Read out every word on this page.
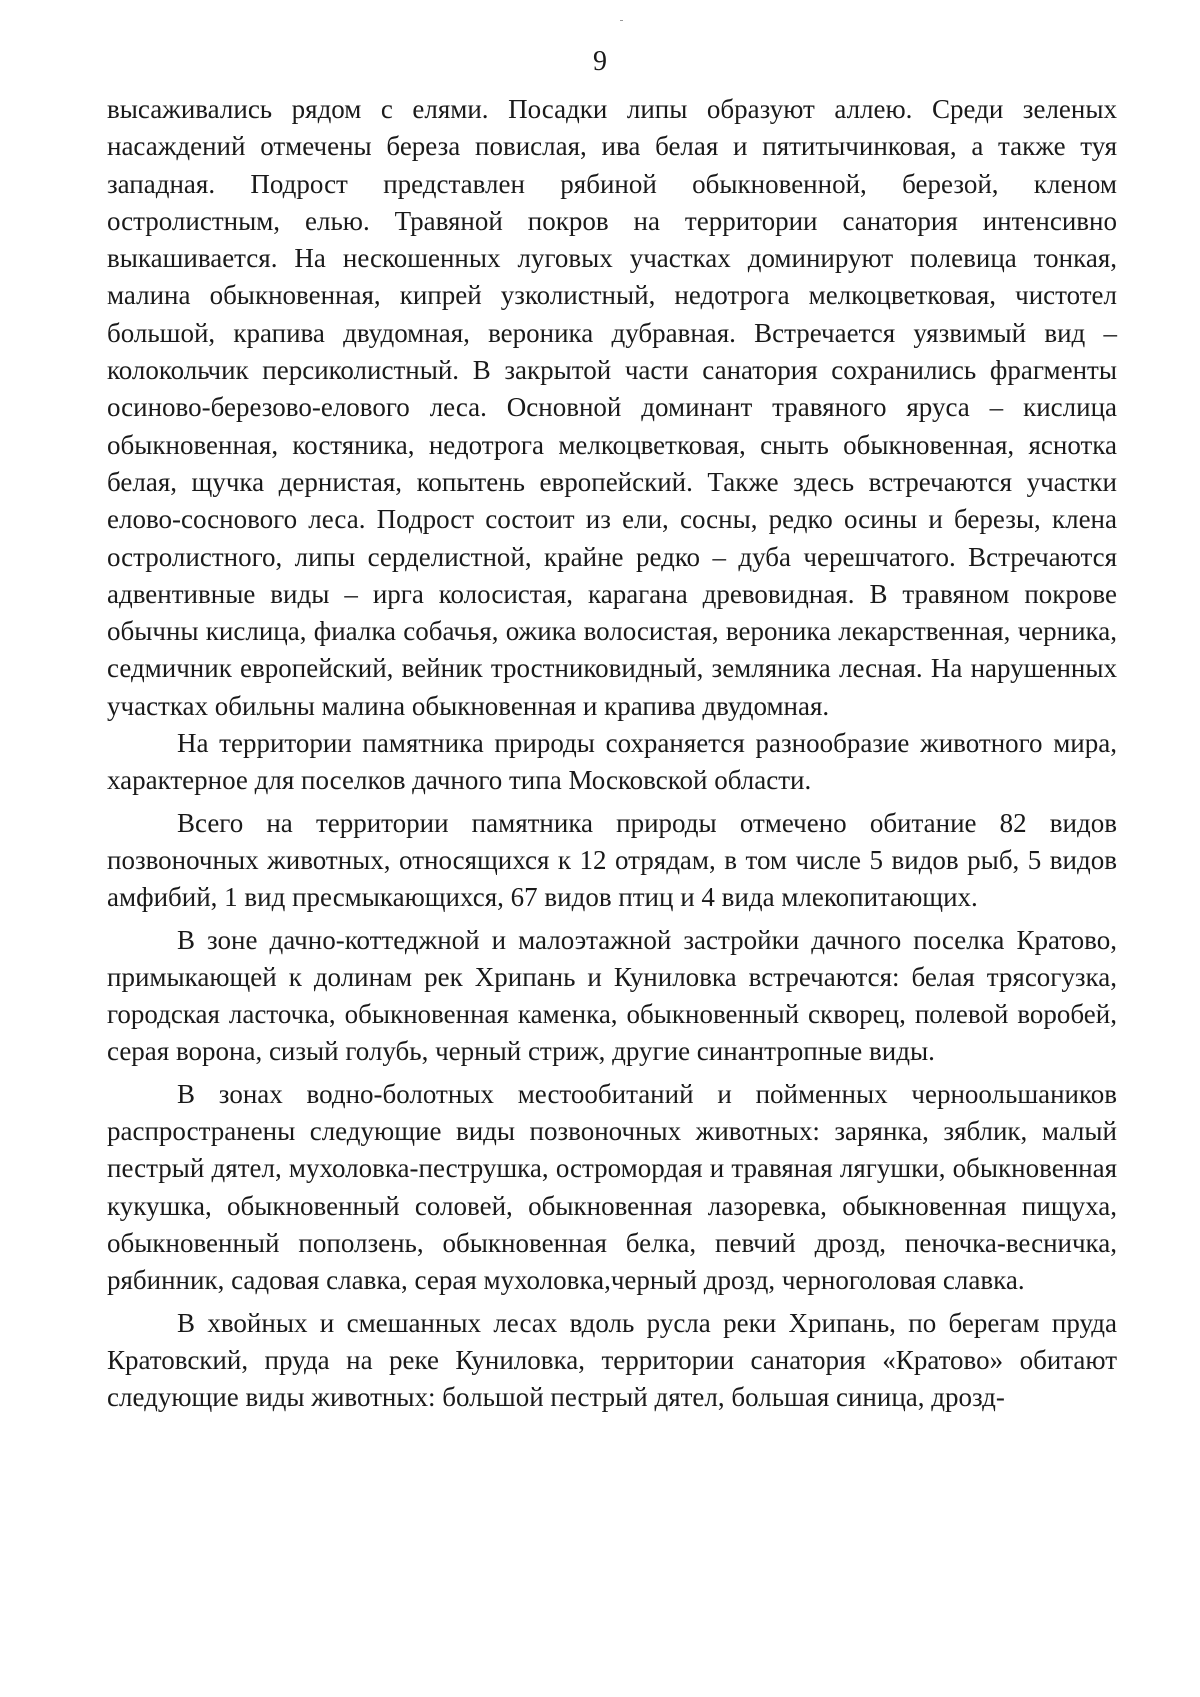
9

высаживались рядом с елями. Посадки липы образуют аллею. Среди зеленых насаждений отмечены береза повислая, ива белая и пятитычинковая, а также туя западная. Подрост представлен рябиной обыкновенной, березой, кленом остролистным, елью. Травяной покров на территории санатория интенсивно выкашивается. На нескошенных луговых участках доминируют полевица тонкая, малина обыкновенная, кипрей узколистный, недотрога мелкоцветковая, чистотел большой, крапива двудомная, вероника дубравная. Встречается уязвимый вид – колокольчик персиколистный. В закрытой части санатория сохранились фрагменты осиново-березово-елового леса. Основной доминант травяного яруса – кислица обыкновенная, костяника, недотрога мелкоцветковая, сныть обыкновенная, яснотка белая, щучка дернистая, копытень европейский. Также здесь встречаются участки елово-соснового леса. Подрост состоит из ели, сосны, редко осины и березы, клена остролистного, липы серделистной, крайне редко – дуба черешчатого. Встречаются адвентивные виды – ирга колосистая, карагана древовидная. В травяном покрове обычны кислица, фиалка собачья, ожика волосистая, вероника лекарственная, черника, седмичник европейский, вейник тростниковидный, земляника лесная. На нарушенных участках обильны малина обыкновенная и крапива двудомная.

На территории памятника природы сохраняется разнообразие животного мира, характерное для поселков дачного типа Московской области.

Всего на территории памятника природы отмечено обитание 82 видов позвоночных животных, относящихся к 12 отрядам, в том числе 5 видов рыб, 5 видов амфибий, 1 вид пресмыкающихся, 67 видов птиц и 4 вида млекопитающих.

В зоне дачно-коттеджной и малоэтажной застройки дачного поселка Кратово, примыкающей к долинам рек Хрипань и Куниловка встречаются: белая трясогузка, городская ласточка, обыкновенная каменка, обыкновенный скворец, полевой воробей, серая ворона, сизый голубь, черный стриж, другие синантропные виды.

В зонах водно-болотных местообитаний и пойменных черноольшаников распространены следующие виды позвоночных животных: зарянка, зяблик, малый пестрый дятел, мухоловка-пеструшка, остромордая и травяная лягушки, обыкновенная кукушка, обыкновенный соловей, обыкновенная лазоревка, обыкновенная пищуха, обыкновенный поползень, обыкновенная белка, певчий дрозд, пеночка-весничка, рябинник, садовая славка, серая мухоловка,черный дрозд, черноголовая славка.

В хвойных и смешанных лесах вдоль русла реки Хрипань, по берегам пруда Кратовский, пруда на реке Куниловка, территории санатория «Кратово» обитают следующие виды животных: большой пестрый дятел, большая синица, дрозд-
